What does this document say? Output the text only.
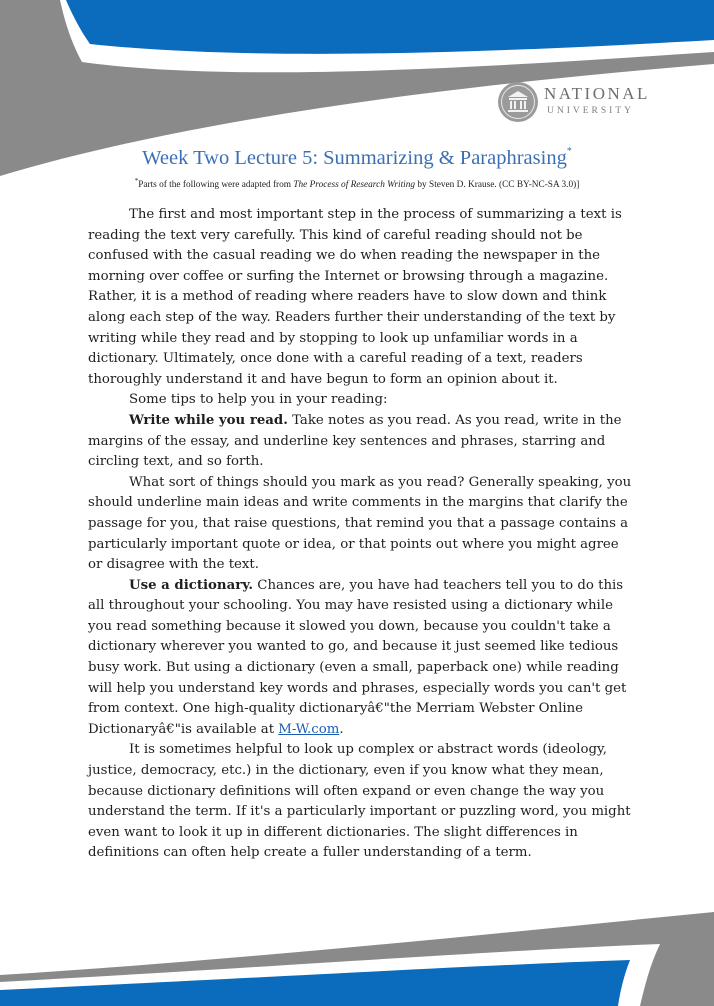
NATIONAL
UNIVERSITY
Week Two Lecture 5: Summarizing & Paraphrasing*
*Parts of the following were adapted from The Process of Research Writing by Steven D. Krause. (CC BY-NC-SA 3.0)]

The first and most important step in the process of summarizing a text is reading the text very carefully. This kind of careful reading should not be confused with the casual reading we do when reading the newspaper in the morning over coffee or surfing the Internet or browsing through a magazine. Rather, it is a method of reading where readers have to slow down and think along each step of the way. Readers further their understanding of the text by writing while they read and by stopping to look up unfamiliar words in a dictionary. Ultimately, once done with a careful reading of a text, readers thoroughly understand it and have begun to form an opinion about it.

Some tips to help you in your reading:

Write while you read. Take notes as you read. As you read, write in the margins of the essay, and underline key sentences and phrases, starring and circling text, and so forth.

What sort of things should you mark as you read? Generally speaking, you should underline main ideas and write comments in the margins that clarify the passage for you, that raise questions, that remind you that a passage contains a particularly important quote or idea, or that points out where you might agree or disagree with the text.

Use a dictionary. Chances are, you have had teachers tell you to do this all throughout your schooling. You may have resisted using a dictionary while you read something because it slowed you down, because you couldn't take a dictionary wherever you wanted to go, and because it just seemed like tedious busy work. But using a dictionary (even a small, paperback one) while reading will help you understand key words and phrases, especially words you can't get from context. One high-quality dictionaryâ€"the Merriam Webster Online Dictionaryâ€"is available at M-W.com.

It is sometimes helpful to look up complex or abstract words (ideology, justice, democracy, etc.) in the dictionary, even if you know what they mean, because dictionary definitions will often expand or even change the way you understand the term. If it's a particularly important or puzzling word, you might even want to look it up in different dictionaries. The slight differences in definitions can often help create a fuller understanding of a term.
